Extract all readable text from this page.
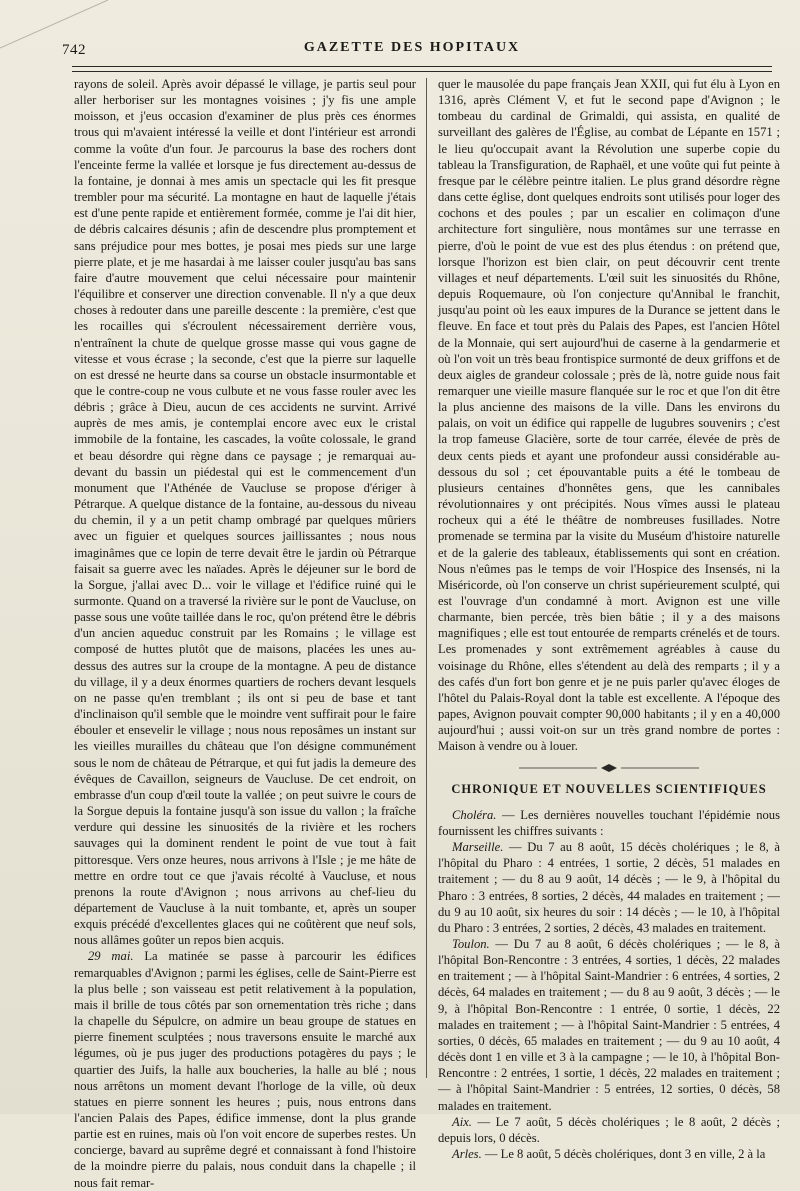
742	GAZETTE DES HOPITAUX

rayons de soleil. Après avoir dépassé le village, je partis seul pour aller herboriser sur les montagnes voisines ; j'y fis une ample moisson, et j'eus occasion d'examiner de plus près ces énormes trous qui m'avaient intéressé la veille et dont l'intérieur est arrondi comme la voûte d'un four. Je parcourus la base des rochers dont l'enceinte ferme la vallée et lorsque je fus directement au-dessus de la fontaine, je donnai à mes amis un spectacle qui les fit presque trembler pour ma sécurité. La montagne en haut de laquelle j'étais est d'une pente rapide et entièrement formée, comme je l'ai dit hier, de débris calcaires désunis ; afin de descendre plus promptement et sans préjudice pour mes bottes, je posai mes pieds sur une large pierre plate, et je me hasardai à me laisser couler jusqu'au bas sans faire d'autre mouvement que celui nécessaire pour maintenir l'équilibre et conserver une direction convenable. Il n'y a que deux choses à redouter dans une pareille descente : la première, c'est que les rocailles qui s'écroulent nécessairement derrière vous, n'entraînent la chute de quelque grosse masse qui vous gagne de vitesse et vous écrase ; la seconde, c'est que la pierre sur laquelle on est dressé ne heurte dans sa course un obstacle insurmontable et que le contre-coup ne vous culbute et ne vous fasse rouler avec les débris ; grâce à Dieu, aucun de ces accidents ne survint. Arrivé auprès de mes amis, je contemplai encore avec eux le cristal immobile de la fontaine, les cascades, la voûte colossale, le grand et beau désordre qui règne dans ce paysage ; je remarquai au-devant du bassin un piédestal qui est le commencement d'un monument que l'Athénée de Vaucluse se propose d'ériger à Pétrarque. A quelque distance de la fontaine, au-dessous du niveau du chemin, il y a un petit champ ombragé par quelques mûriers avec un figuier et quelques sources jaillissantes ; nous nous imaginâmes que ce lopin de terre devait être le jardin où Pétrarque faisait sa guerre avec les naïades. Après le déjeuner sur le bord de la Sorgue, j'allai avec D... voir le village et l'édifice ruiné qui le surmonte. Quand on a traversé la rivière sur le pont de Vaucluse, on passe sous une voûte taillée dans le roc, qu'on prétend être le débris d'un ancien aqueduc construit par les Romains ; le village est composé de huttes plutôt que de maisons, placées les unes au-dessus des autres sur la croupe de la montagne. A peu de distance du village, il y a deux énormes quartiers de rochers devant lesquels on ne passe qu'en tremblant ; ils ont si peu de base et tant d'inclinaison qu'il semble que le moindre vent suffirait pour le faire ébouler et ensevelir le village ; nous nous reposâmes un instant sur les vieilles murailles du château que l'on désigne communément sous le nom de château de Pétrarque, et qui fut jadis la demeure des évêques de Cavaillon, seigneurs de Vaucluse. De cet endroit, on embrasse d'un coup d'œil toute la vallée ; on peut suivre le cours de la Sorgue depuis la fontaine jusqu'à son issue du vallon ; la fraîche verdure qui dessine les sinuosités de la rivière et les rochers sauvages qui la dominent rendent le point de vue tout à fait pittoresque. Vers onze heures, nous arrivons à l'Isle ; je me hâte de mettre en ordre tout ce que j'avais récolté à Vaucluse, et nous prenons la route d'Avignon ; nous arrivons au chef-lieu du département de Vaucluse à la nuit tombante, et, après un souper exquis précédé d'excellentes glaces qui ne coûtèrent que neuf sols, nous allâmes goûter un repos bien acquis.

29 mai. La matinée se passe à parcourir les édifices remarquables d'Avignon ; parmi les églises, celle de Saint-Pierre est la plus belle ; son vaisseau est petit relativement à la population, mais il brille de tous côtés par son ornementation très riche ; dans la chapelle du Sépulcre, on admire un beau groupe de statues en pierre finement sculptées ; nous traversons ensuite le marché aux légumes, où je pus juger des productions potagères du pays ; le quartier des Juifs, la halle aux boucheries, la halle au blé ; nous nous arrêtons un moment devant l'horloge de la ville, où deux statues en pierre sonnent les heures ; puis, nous entrons dans l'ancien Palais des Papes, édifice immense, dont la plus grande partie est en ruines, mais où l'on voit encore de superbes restes. Un concierge, bavard au suprême degré et connaissant à fond l'histoire de la moindre pierre du palais, nous conduit dans la chapelle ; il nous fait remar-

quer le mausolée du pape français Jean XXII, qui fut élu à Lyon en 1316, après Clément V, et fut le second pape d'Avignon ; le tombeau du cardinal de Grimaldi, qui assista, en qualité de surveillant des galères de l'Église, au combat de Lépante en 1571 ; le lieu qu'occupait avant la Révolution une superbe copie du tableau la Transfiguration, de Raphaël, et une voûte qui fut peinte à fresque par le célèbre peintre italien. Le plus grand désordre règne dans cette église, dont quelques endroits sont utilisés pour loger des cochons et des poules ; par un escalier en colimaçon d'une architecture fort singulière, nous montâmes sur une terrasse en pierre, d'où le point de vue est des plus étendus : on prétend que, lorsque l'horizon est bien clair, on peut découvrir cent trente villages et neuf départements. L'œil suit les sinuosités du Rhône, depuis Roquemaure, où l'on conjecture qu'Annibal le franchit, jusqu'au point où les eaux impures de la Durance se jettent dans le fleuve. En face et tout près du Palais des Papes, est l'ancien Hôtel de la Monnaie, qui sert aujourd'hui de caserne à la gendarmerie et où l'on voit un très beau frontispice surmonté de deux griffons et de deux aigles de grandeur colossale ; près de là, notre guide nous fait remarquer une vieille masure flanquée sur le roc et que l'on dit être la plus ancienne des maisons de la ville. Dans les environs du palais, on voit un édifice qui rappelle de lugubres souvenirs ; c'est la trop fameuse Glacière, sorte de tour carrée, élevée de près de deux cents pieds et ayant une profondeur aussi considérable au-dessous du sol ; cet épouvantable puits a été le tombeau de plusieurs centaines d'honnêtes gens, que les cannibales révolutionnaires y ont précipités. Nous vîmes aussi le plateau rocheux qui a été le théâtre de nombreuses fusillades. Notre promenade se termina par la visite du Muséum d'histoire naturelle et de la galerie des tableaux, établissements qui sont en création. Nous n'eûmes pas le temps de voir l'Hospice des Insensés, ni la Miséricorde, où l'on conserve un christ supérieurement sculpté, qui est l'ouvrage d'un condamné à mort. Avignon est une ville charmante, bien percée, très bien bâtie ; il y a des maisons magnifiques ; elle est tout entourée de remparts crénelés et de tours. Les promenades y sont extrêmement agréables à cause du voisinage du Rhône, elles s'étendent au delà des remparts ; il y a des cafés d'un fort bon genre et je ne puis parler qu'avec éloges de l'hôtel du Palais-Royal dont la table est excellente. A l'époque des papes, Avignon pouvait compter 90,000 habitants ; il y en a 40,000 aujourd'hui ; aussi voit-on sur un très grand nombre de portes : Maison à vendre ou à louer.

CHRONIQUE ET NOUVELLES SCIENTIFIQUES

Choléra. — Les dernières nouvelles touchant l'épidémie nous fournissent les chiffres suivants :

Marseille. — Du 7 au 8 août, 15 décès cholériques ; le 8, à l'hôpital du Pharo : 4 entrées, 1 sortie, 2 décès, 51 malades en traitement ; — du 8 au 9 août, 14 décès ; — le 9, à l'hôpital du Pharo : 3 entrées, 8 sorties, 2 décès, 44 malades en traitement ; — du 9 au 10 août, six heures du soir : 14 décès ; — le 10, à l'hôpital du Pharo : 3 entrées, 2 sorties, 2 décès, 43 malades en traitement.

Toulon. — Du 7 au 8 août, 6 décès cholériques ; — le 8, à l'hôpital Bon-Rencontre : 3 entrées, 4 sorties, 1 décès, 22 malades en traitement ; — à l'hôpital Saint-Mandrier : 6 entrées, 4 sorties, 2 décès, 64 malades en traitement ; — du 8 au 9 août, 3 décès ; — le 9, à l'hôpital Bon-Rencontre : 1 entrée, 0 sortie, 1 décès, 22 malades en traitement ; — à l'hôpital Saint-Mandrier : 5 entrées, 4 sorties, 0 décès, 65 malades en traitement ; — du 9 au 10 août, 4 décès dont 1 en ville et 3 à la campagne ; — le 10, à l'hôpital Bon-Rencontre : 2 entrées, 1 sortie, 1 décès, 22 malades en traitement ; — à l'hôpital Saint-Mandrier : 5 entrées, 12 sorties, 0 décès, 58 malades en traitement.

Aix. — Le 7 août, 5 décès cholériques ; le 8 août, 2 décès ; depuis lors, 0 décès.

Arles. — Le 8 août, 5 décès cholériques, dont 3 en ville, 2 à la
